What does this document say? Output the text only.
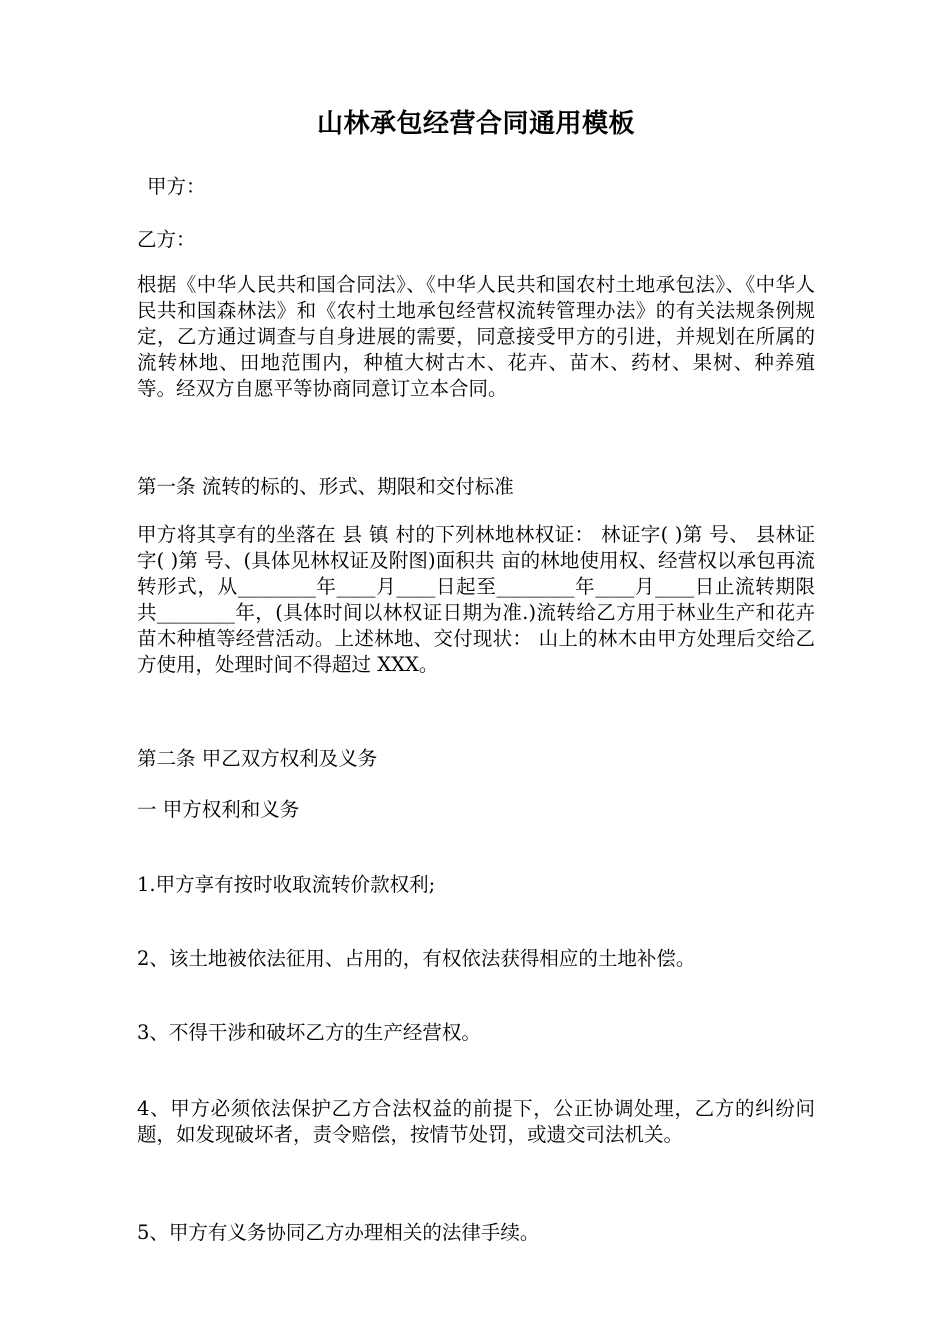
山林承包经营合同通用模板
甲方：
乙方：
根据《中华人民共和国合同法》、《中华人民共和国农村土地承包法》、《中华人民共和国森林法》和《农村土地承包经营权流转管理办法》的有关法规条例规定，乙方通过调查与自身进展的需要，同意接受甲方的引进，并规划在所属的流转林地、田地范围内，种植大树古木、花卉、苗木、药材、果树、种养殖等。经双方自愿平等协商同意订立本合同。
第一条 流转的标的、形式、期限和交付标准
甲方将其享有的坐落在 县 镇 村的下列林地林权证： 林证字( )第 号、 县林证字( )第 号、(具体见林权证及附图)面积共 亩的林地使用权、经营权以承包再流转形式，从________年____月____日起至________年____月____日止流转期限共________年，(具体时间以林权证日期为准.)流转给乙方用于林业生产和花卉苗木种植等经营活动。上述林地、交付现状： 山上的林木由甲方处理后交给乙方使用，处理时间不得超过 XXX。
第二条 甲乙双方权利及义务
一 甲方权利和义务
1.甲方享有按时收取流转价款权利;
2、该土地被依法征用、占用的，有权依法获得相应的土地补偿。
3、不得干涉和破坏乙方的生产经营权。
4、甲方必须依法保护乙方合法权益的前提下，公正协调处理，乙方的纠纷问题，如发现破坏者，责令赔偿，按情节处罚，或遗交司法机关。
5、甲方有义务协同乙方办理相关的法律手续。
